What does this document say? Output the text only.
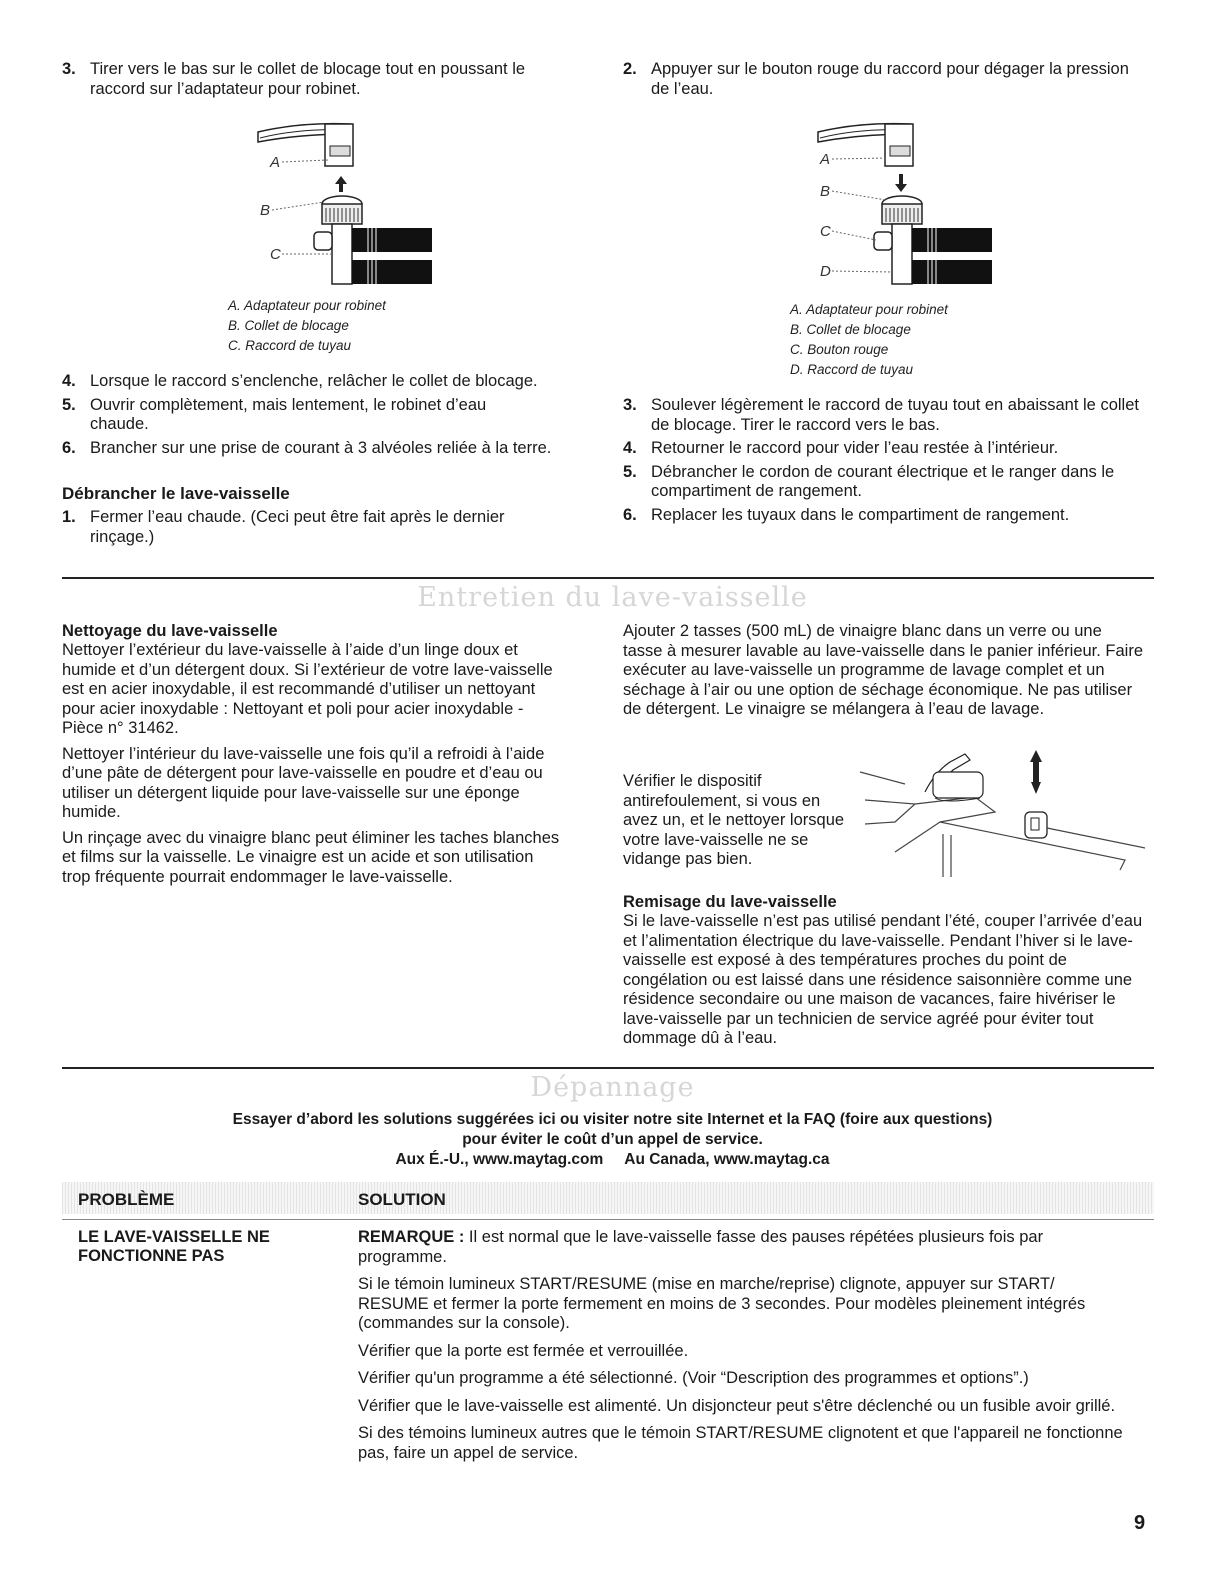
3. Tirer vers le bas sur le collet de blocage tout en poussant le raccord sur l’adaptateur pour robinet.
A
B
C
A. Adaptateur pour robinet
B. Collet de blocage
C. Raccord de tuyau
4. Lorsque le raccord s’enclenche, relâcher le collet de blocage.
5. Ouvrir complètement, mais lentement, le robinet d’eau chaude.
6. Brancher sur une prise de courant à 3 alvéoles reliée à la terre.
Débrancher le lave-vaisselle
1. Fermer l’eau chaude. (Ceci peut être fait après le dernier rinçage.)
2. Appuyer sur le bouton rouge du raccord pour dégager la pression de l’eau.
A
B
C
D
A. Adaptateur pour robinet
B. Collet de blocage
C. Bouton rouge
D. Raccord de tuyau
3. Soulever légèrement le raccord de tuyau tout en abaissant le collet de blocage. Tirer le raccord vers le bas.
4. Retourner le raccord pour vider l’eau restée à l’intérieur.
5. Débrancher le cordon de courant électrique et le ranger dans le compartiment de rangement.
6. Replacer les tuyaux dans le compartiment de rangement.
Entretien du lave-vaisselle
Nettoyage du lave-vaisselle
Nettoyer l’extérieur du lave-vaisselle à l’aide d’un linge doux et humide et d’un détergent doux. Si l’extérieur de votre lave-vaisselle est en acier inoxydable, il est recommandé d’utiliser un nettoyant pour acier inoxydable : Nettoyant et poli pour acier inoxydable - Pièce n° 31462.
Nettoyer l’intérieur du lave-vaisselle une fois qu’il a refroidi à l’aide d’une pâte de détergent pour lave-vaisselle en poudre et d’eau ou utiliser un détergent liquide pour lave-vaisselle sur une éponge humide.
Un rinçage avec du vinaigre blanc peut éliminer les taches blanches et films sur la vaisselle. Le vinaigre est un acide et son utilisation trop fréquente pourrait endommager le lave-vaisselle.
Ajouter 2 tasses (500 mL) de vinaigre blanc dans un verre ou une tasse à mesurer lavable au lave-vaisselle dans le panier inférieur. Faire exécuter au lave-vaisselle un programme de lavage complet et un séchage à l’air ou une option de séchage économique. Ne pas utiliser de détergent. Le vinaigre se mélangera à l’eau de lavage.
Vérifier le dispositif antirefoulement, si vous en avez un, et le nettoyer lorsque votre lave-vaisselle ne se vidange pas bien.
Remisage du lave-vaisselle
Si le lave-vaisselle n’est pas utilisé pendant l’été, couper l’arrivée d’eau et l’alimentation électrique du lave-vaisselle. Pendant l’hiver si le lave-vaisselle est exposé à des températures proches du point de congélation ou est laissé dans une résidence saisonnière comme une résidence secondaire ou une maison de vacances, faire hivériser le lave-vaisselle par un technicien de service agréé pour éviter tout dommage dû à l’eau.
Dépannage
Essayer d’abord les solutions suggérées ici ou visiter notre site Internet et la FAQ (foire aux questions)
pour éviter le coût d’un appel de service.
Aux É.-U., www.maytag.com     Au Canada, www.maytag.ca
PROBLÈME	SOLUTION
LE LAVE-VAISSELLE NE FONCTIONNE PAS
REMARQUE : Il est normal que le lave-vaisselle fasse des pauses répétées plusieurs fois par programme.
Si le témoin lumineux START/RESUME (mise en marche/reprise) clignote, appuyer sur START/ RESUME et fermer la porte fermement en moins de 3 secondes. Pour modèles pleinement intégrés (commandes sur la console).
Vérifier que la porte est fermée et verrouillée.
Vérifier qu'un programme a été sélectionné. (Voir “Description des programmes et options”.)
Vérifier que le lave-vaisselle est alimenté. Un disjoncteur peut s'être déclenché ou un fusible avoir grillé.
Si des témoins lumineux autres que le témoin START/RESUME clignotent et que l'appareil ne fonctionne pas, faire un appel de service.
9
